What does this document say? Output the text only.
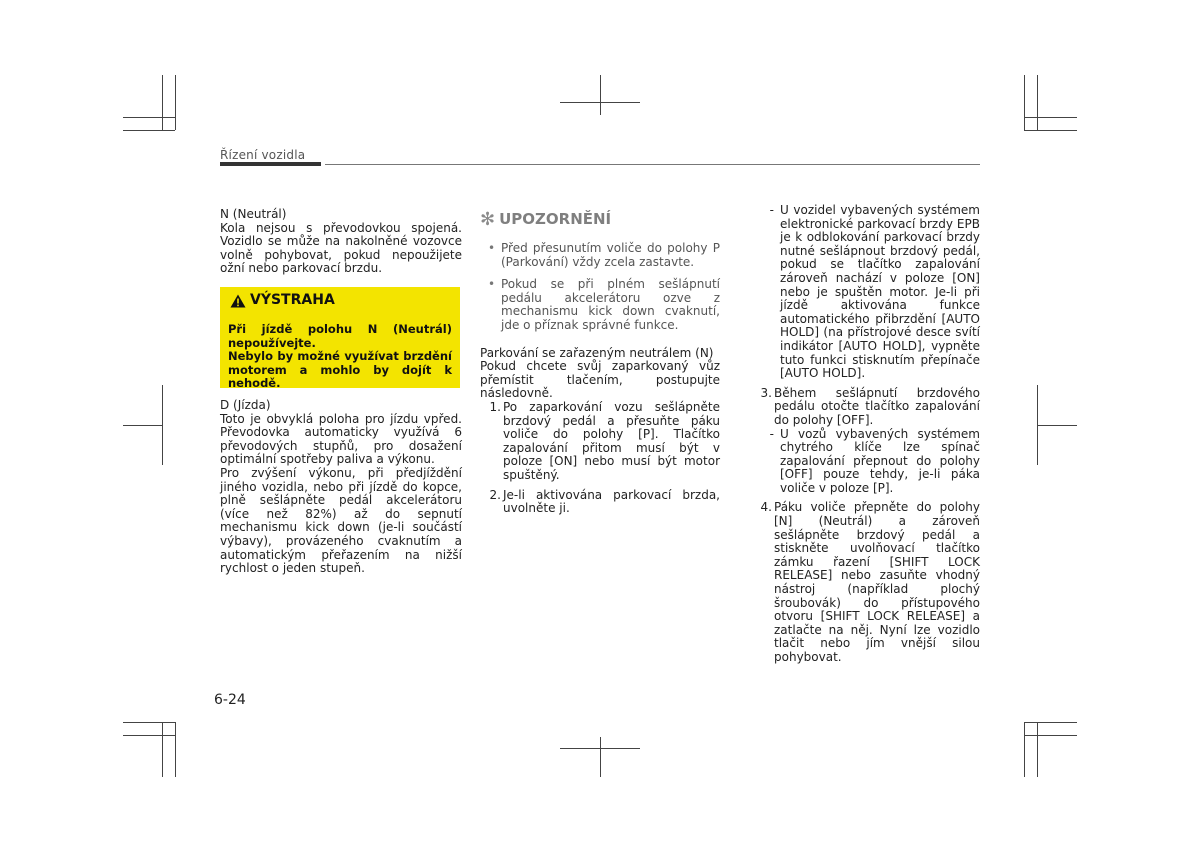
Řízení vozidla

N (Neutrál)

Kola nejsou s převodovkou spojená. Vozidlo se může na nakolněné vozovce volně pohybovat, pokud nepoužijete ožní nebo parkovací brzdu.

VÝSTRAHA

Při jízdě polohu N (Neutrál) nepoužívejte.

Nebylo by možné využívat brzdění motorem a mohlo by dojít k nehodě.

D (Jízda)

Toto je obvyklá poloha pro jízdu vpřed. Převodovka automaticky využívá 6 převodových stupňů, pro dosažení optimální spotřeby paliva a výkonu.

Pro zvýšení výkonu, při předjíždění jiného vozidla, nebo při jízdě do kopce, plně sešlápněte pedál akcelerátoru (více než 82%) až do sepnutí mechanismu kick down (je-li součástí výbavy), provázeného cvaknutím a automatickým přeřazením na nižší rychlost o jeden stupeň.

✻ UPOZORNĚNÍ
• Před přesunutím voliče do polohy P (Parkování) vždy zcela zastavte.
• Pokud se při plném sešlápnutí pedálu akcelerátoru ozve z mechanismu kick down cvaknutí, jde o příznak správné funkce.

Parkování se zařazeným neutrálem (N)

Pokud chcete svůj zaparkovaný vůz přemístit tlačením, postupujte následovně.

1. Po zaparkování vozu sešlápněte brzdový pedál a přesuňte páku voliče do polohy [P]. Tlačítko zapalování přitom musí být v poloze [ON] nebo musí být motor spuštěný.
2. Je-li aktivována parkovací brzda, uvolněte ji.
- U vozidel vybavených systémem elektronické parkovací brzdy EPB je k odblokování parkovací brzdy nutné sešlápnout brzdový pedál, pokud se tlačítko zapalování zároveň nachází v poloze [ON] nebo je spuštěn motor. Je-li při jízdě aktivována funkce automatického přibrzdění [AUTO HOLD] (na přístrojové desce svítí indikátor [AUTO HOLD], vypněte tuto funkci stisknutím přepínače [AUTO HOLD].
3. Během sešlápnutí brzdového pedálu otočte tlačítko zapalování do polohy [OFF].
- U vozů vybavených systémem chytrého klíče lze spínač zapalování přepnout do polohy [OFF] pouze tehdy, je-li páka voliče v poloze [P].
4. Páku voliče přepněte do polohy [N] (Neutrál) a zároveň sešlápněte brzdový pedál a stiskněte uvolňovací tlačítko zámku řazení [SHIFT LOCK RELEASE] nebo zasuňte vhodný nástroj (například plochý šroubovák) do přístupového otvoru [SHIFT LOCK RELEASE] a zatlačte na něj. Nyní lze vozidlo tlačit nebo jím vnější silou pohybovat.
6-24
